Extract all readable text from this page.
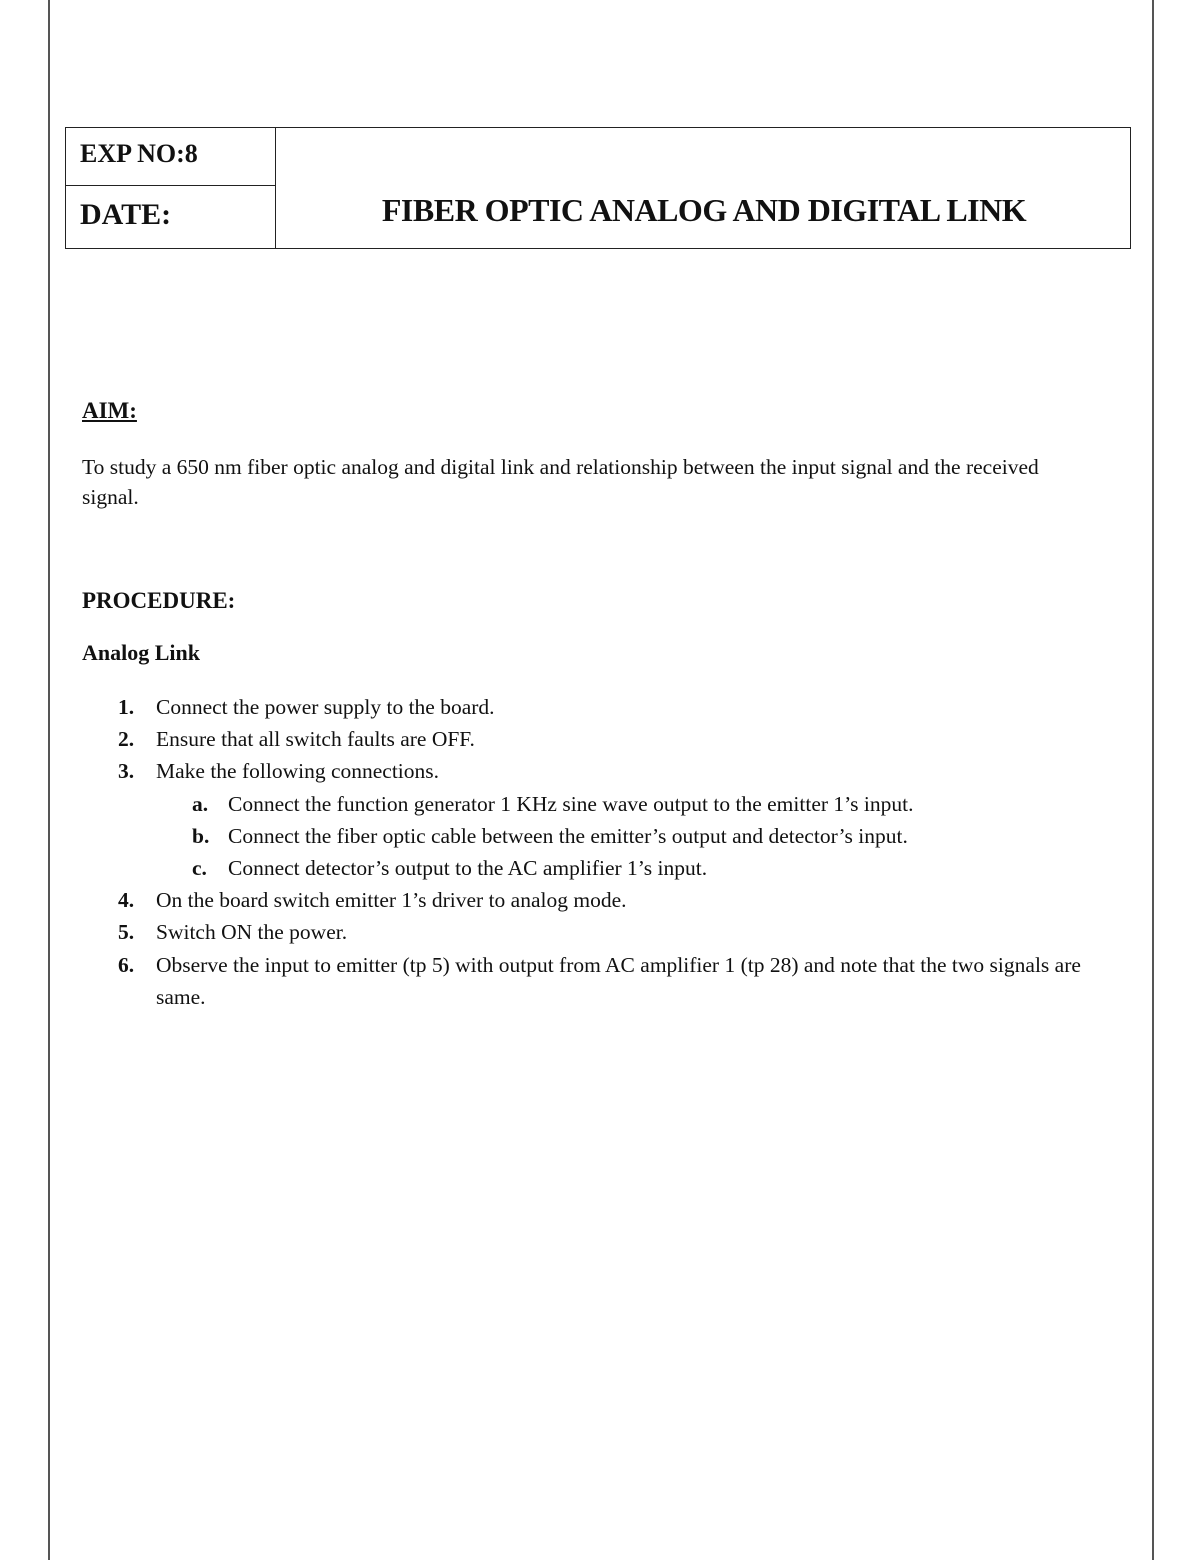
EXP NO:8
DATE:	FIBER OPTIC ANALOG AND DIGITAL LINK
AIM:
To study a 650 nm fiber optic analog and digital link and relationship between the input signal and the received signal.
PROCEDURE:
Analog Link
1. Connect the power supply to the board.
2. Ensure that all switch faults are OFF.
3. Make the following connections.
a. Connect the function generator 1 KHz sine wave output to the emitter 1’s input.
b. Connect the fiber optic cable between the emitter’s output and detector’s input.
c. Connect detector’s output to the AC amplifier 1’s input.
4. On the board switch emitter 1’s driver to analog mode.
5. Switch ON the power.
6. Observe the input to emitter (tp 5) with output from AC amplifier 1 (tp 28) and note that the two signals are same.
